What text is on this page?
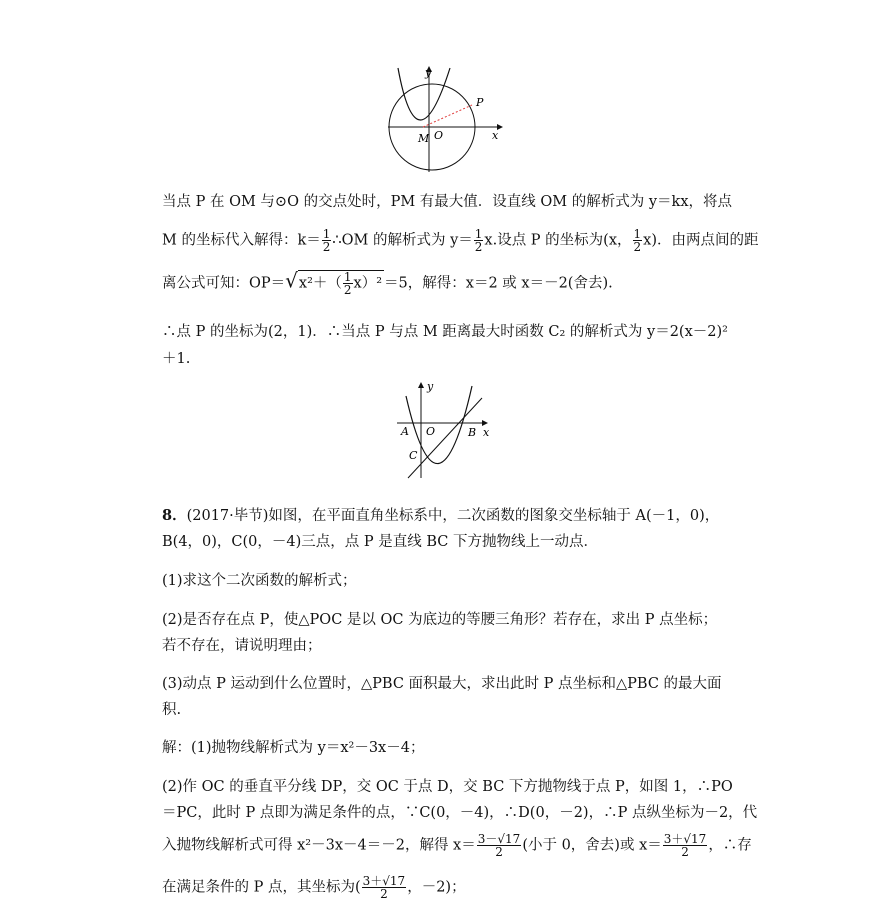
y
x
P
O
M
当点 P 在 OM 与⊙O 的交点处时，PM 有最大值．设直线 OM 的解析式为 y＝kx，将点
M 的坐标代入解得：$k= \frac{1}{2}$ ∴OM 的解析式为 $y= \frac{1}{2} x$.设点 P 的坐标为(x， $\frac{1}{2} x$)．由两点间的距
离公式可知：$OP=√x^2+( \frac{1}{2} x)^2 =5$，解得：x＝2 或 x＝－2(舍去).
∴点 P 的坐标为(2，1)．∴当点 P 与点 M 距离最大时函数 C₂ 的解析式为 y＝2(x－2)²
＋1.
y
x
A O	B
C
8．(2017·毕节)如图，在平面直角坐标系中，二次函数的图象交坐标轴于 A(－1，0)，
B(4，0)，C(0，－4)三点，点 P 是直线 BC 下方抛物线上一动点．
(1)求这个二次函数的解析式；
(2)是否存在点 P，使△POC 是以 OC 为底边的等腰三角形？若存在，求出 P 点坐标；
若不存在，请说明理由；
(3)动点 P 运动到什么位置时，△PBC 面积最大，求出此时 P 点坐标和△PBC 的最大面
积.
解：(1)抛物线解析式为 y＝x²－3x－4；
(2)作 OC 的垂直平分线 DP，交 OC 于点 D，交 BC 下方抛物线于点 P，如图 1，∴PO
＝PC，此时 P 点即为满足条件的点，∵C(0，－4)，∴D(0，－2)，∴P 点纵坐标为－2，代
入抛物线解析式可得 x²－3x－4＝－2，解得 $x= \frac{3-√17}{2}$ (小于 0，舍去)或 $x= \frac{3+√17}{2}$ ，∴存
在满足条件的 P 点，其坐标为( $\frac{3+√17}{2}$ ，－2)；
